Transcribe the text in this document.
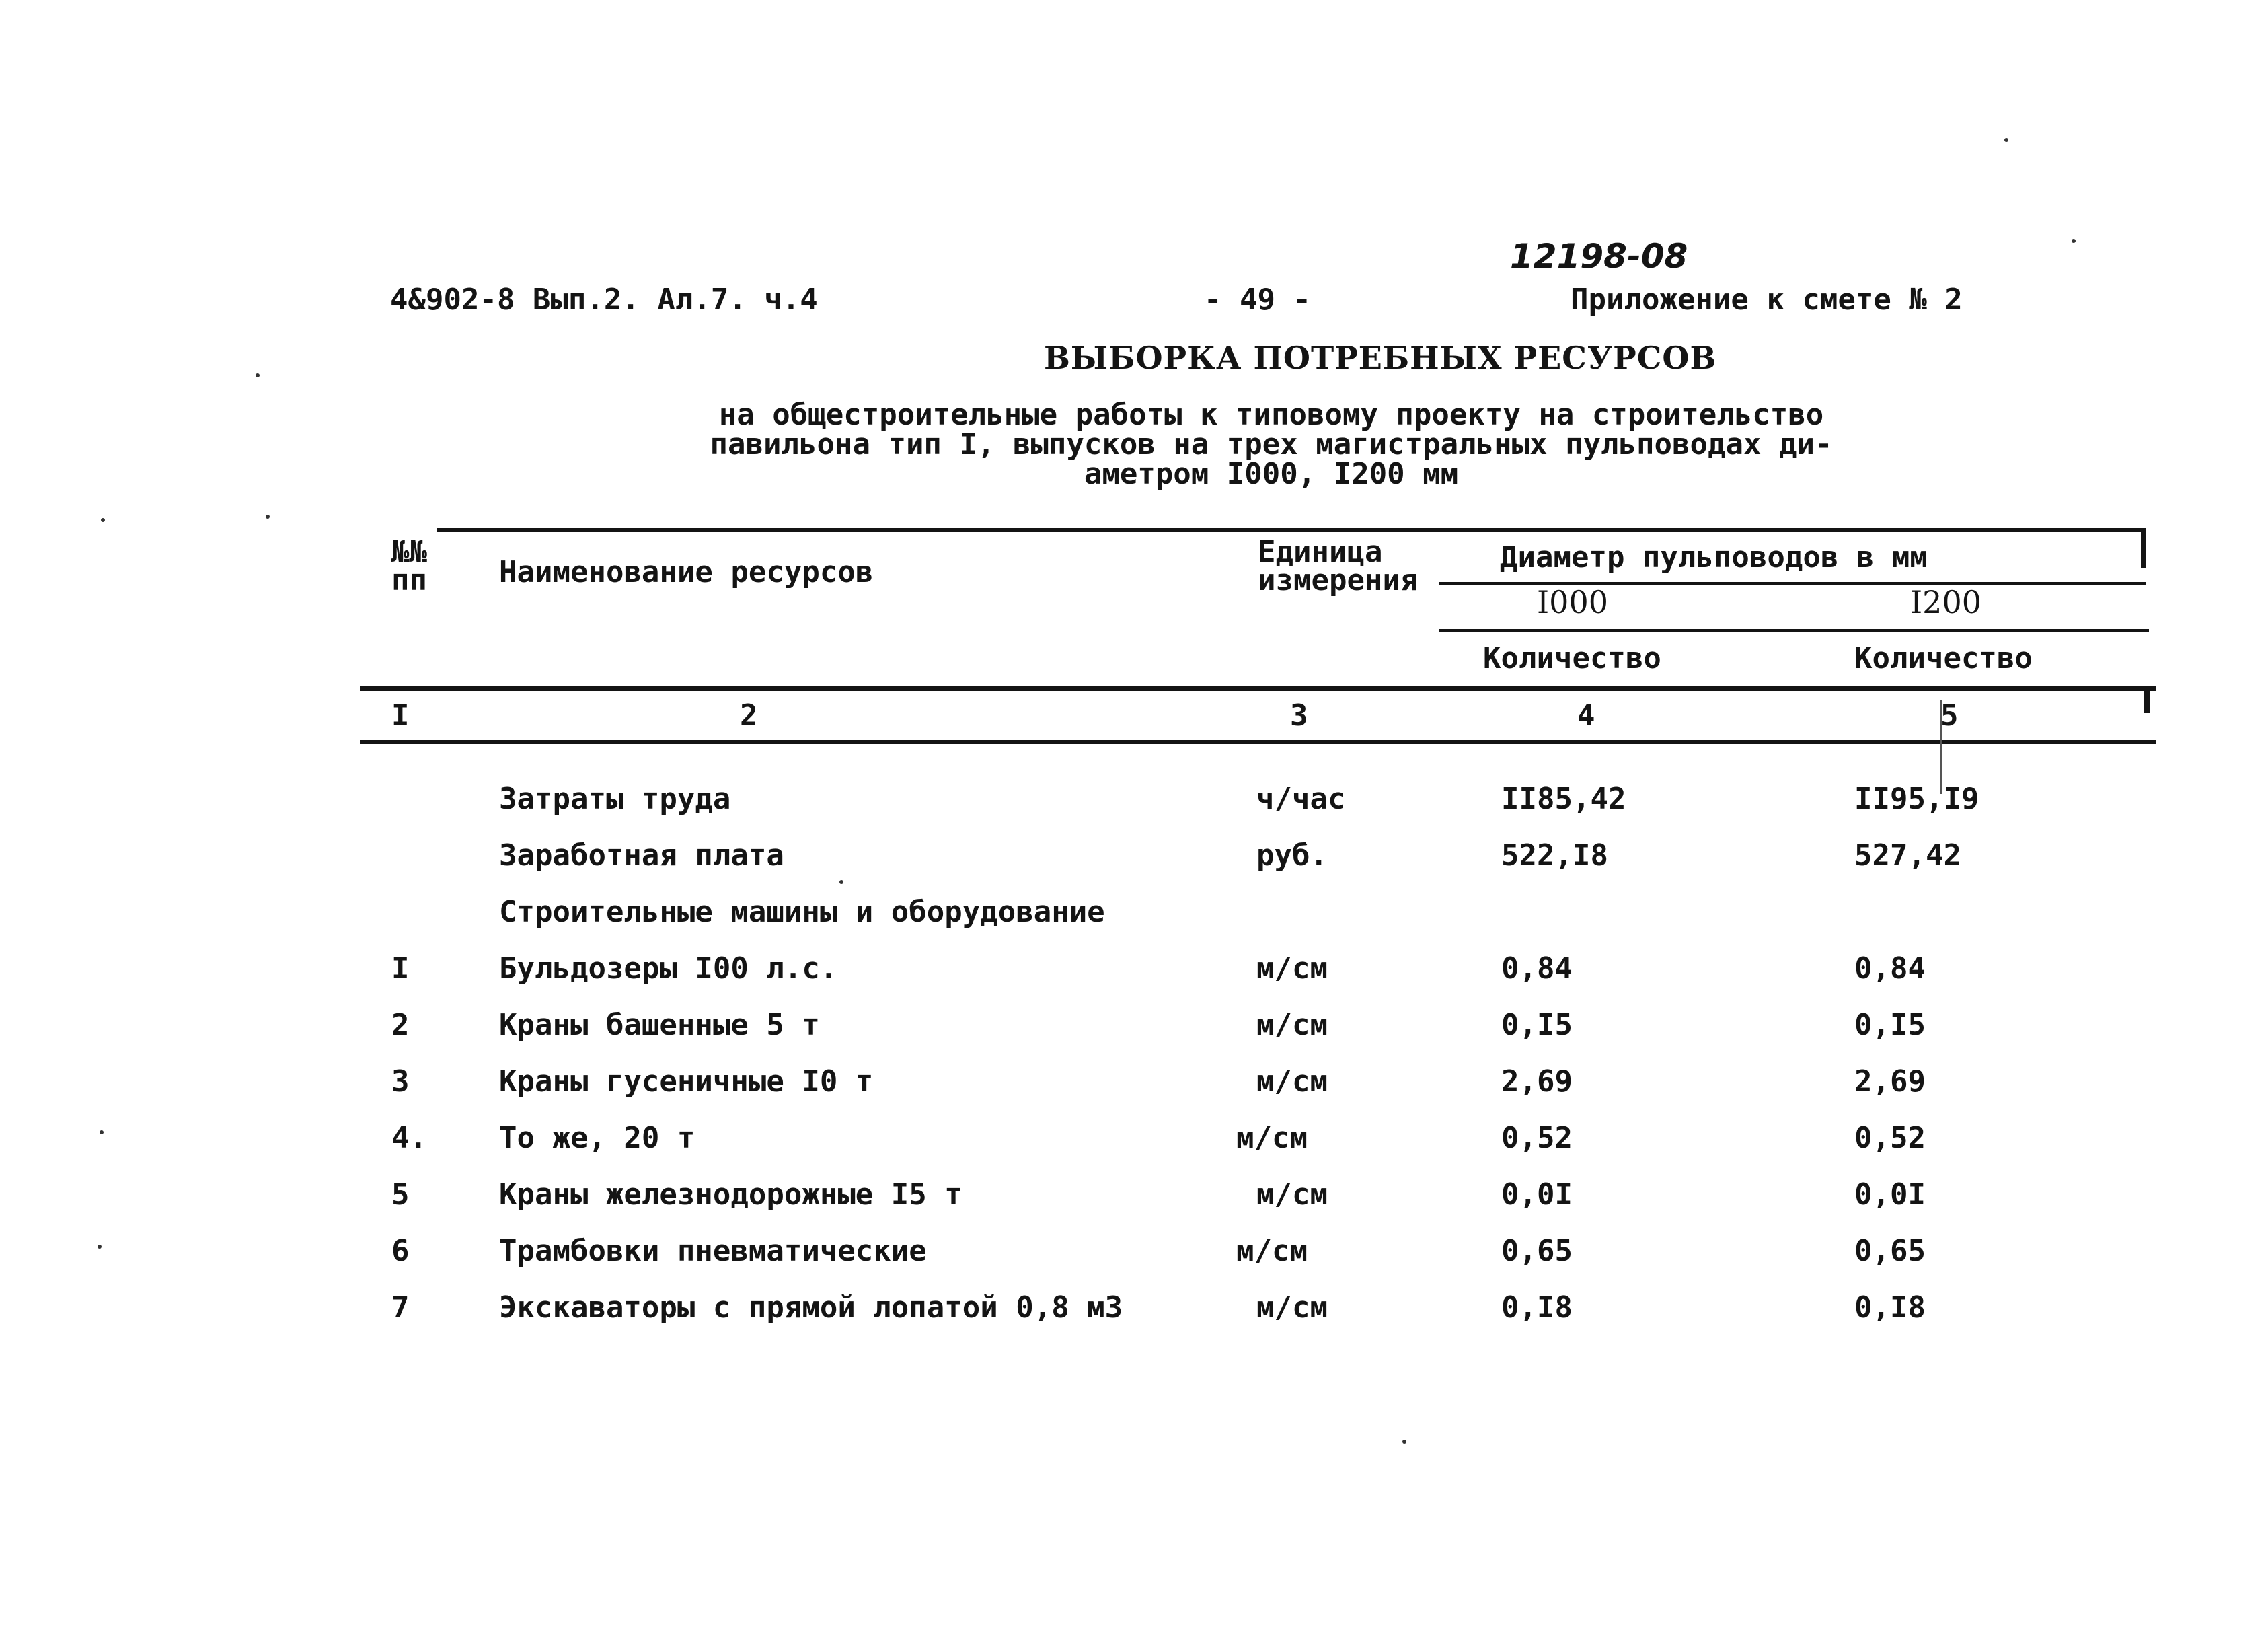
4&902-8 Вып.2. Ал.7. ч.4	- 49 -
12198-08
Приложение к смете № 2
ВЫБОРКА ПОТРЕБНЫХ РЕСУРСОВ
на общестроительные работы к типовому проекту на строительство
павильона тип I, выпусков на трех магистральных пульповодах ди-
аметром I000, I200 мм
№№
пп Наименование ресурсов
Единица
измерения
Диаметр пульповодов в мм
I000	I200
Количество	Количество
I	2	3	4	5
Затраты труда	ч/час	II85,42	II95,I9
Заработная плата	руб.	522,I8	527,42
Строительные машины и оборудование
I	Бульдозеры I00 л.с.	м/см	0,84	0,84
2	Краны башенные 5 т	м/см	0,I5	0,I5
3	Краны гусеничные I0 т	м/см	2,69	2,69
4. То же, 20 т	м/см	0,52	0,52
5	Краны железнодорожные I5 т	м/см	0,0I	0,0I
6	Трамбовки пневматические	м/см	0,65	0,65
7	Экскаваторы с прямой лопатой 0,8 м3	м/см	0,I8	0,I8
